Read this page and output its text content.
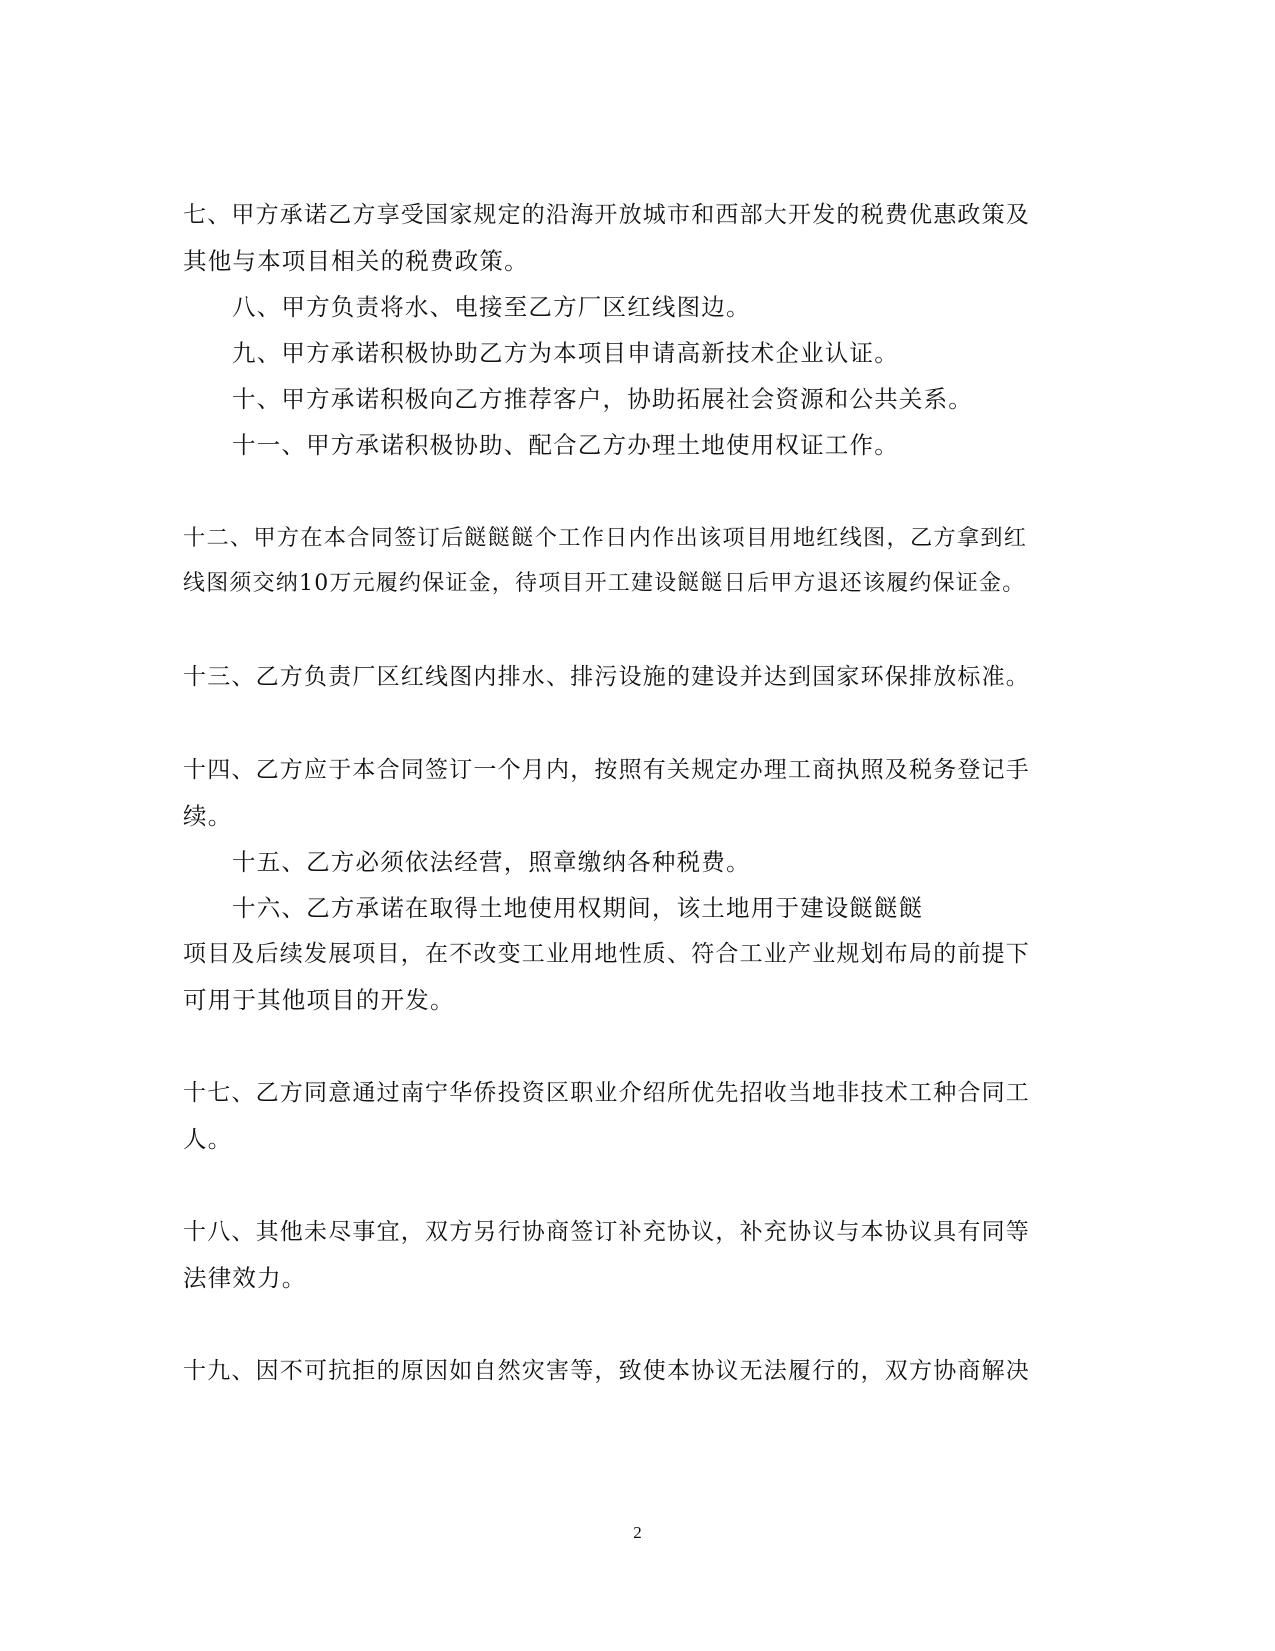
七、甲方承诺乙方享受国家规定的沿海开放城市和西部大开发的税费优惠政策及
其他与本项目相关的税费政策。
八、甲方负责将水、电接至乙方厂区红线图边。
九、甲方承诺积极协助乙方为本项目申请高新技术企业认证。
十、甲方承诺积极向乙方推荐客户，协助拓展社会资源和公共关系。
十一、甲方承诺积极协助、配合乙方办理土地使用权证工作。
十二、甲方在本合同签订后餸餸餸个工作日内作出该项目用地红线图，乙方拿到红
线图须交纳10万元履约保证金，待项目开工建设餸餸日后甲方退还该履约保证金。
十三、乙方负责厂区红线图内排水、排污设施的建设并达到国家环保排放标准。
十四、乙方应于本合同签订一个月内，按照有关规定办理工商执照及税务登记手
续。
十五、乙方必须依法经营，照章缴纳各种税费。
十六、乙方承诺在取得土地使用权期间，该土地用于建设餸餸餸
项目及后续发展项目，在不改变工业用地性质、符合工业产业规划布局的前提下
可用于其他项目的开发。
十七、乙方同意通过南宁华侨投资区职业介绍所优先招收当地非技术工种合同工
人。
十八、其他未尽事宜，双方另行协商签订补充协议，补充协议与本协议具有同等
法律效力。
十九、因不可抗拒的原因如自然灾害等，致使本协议无法履行的，双方协商解决
2
